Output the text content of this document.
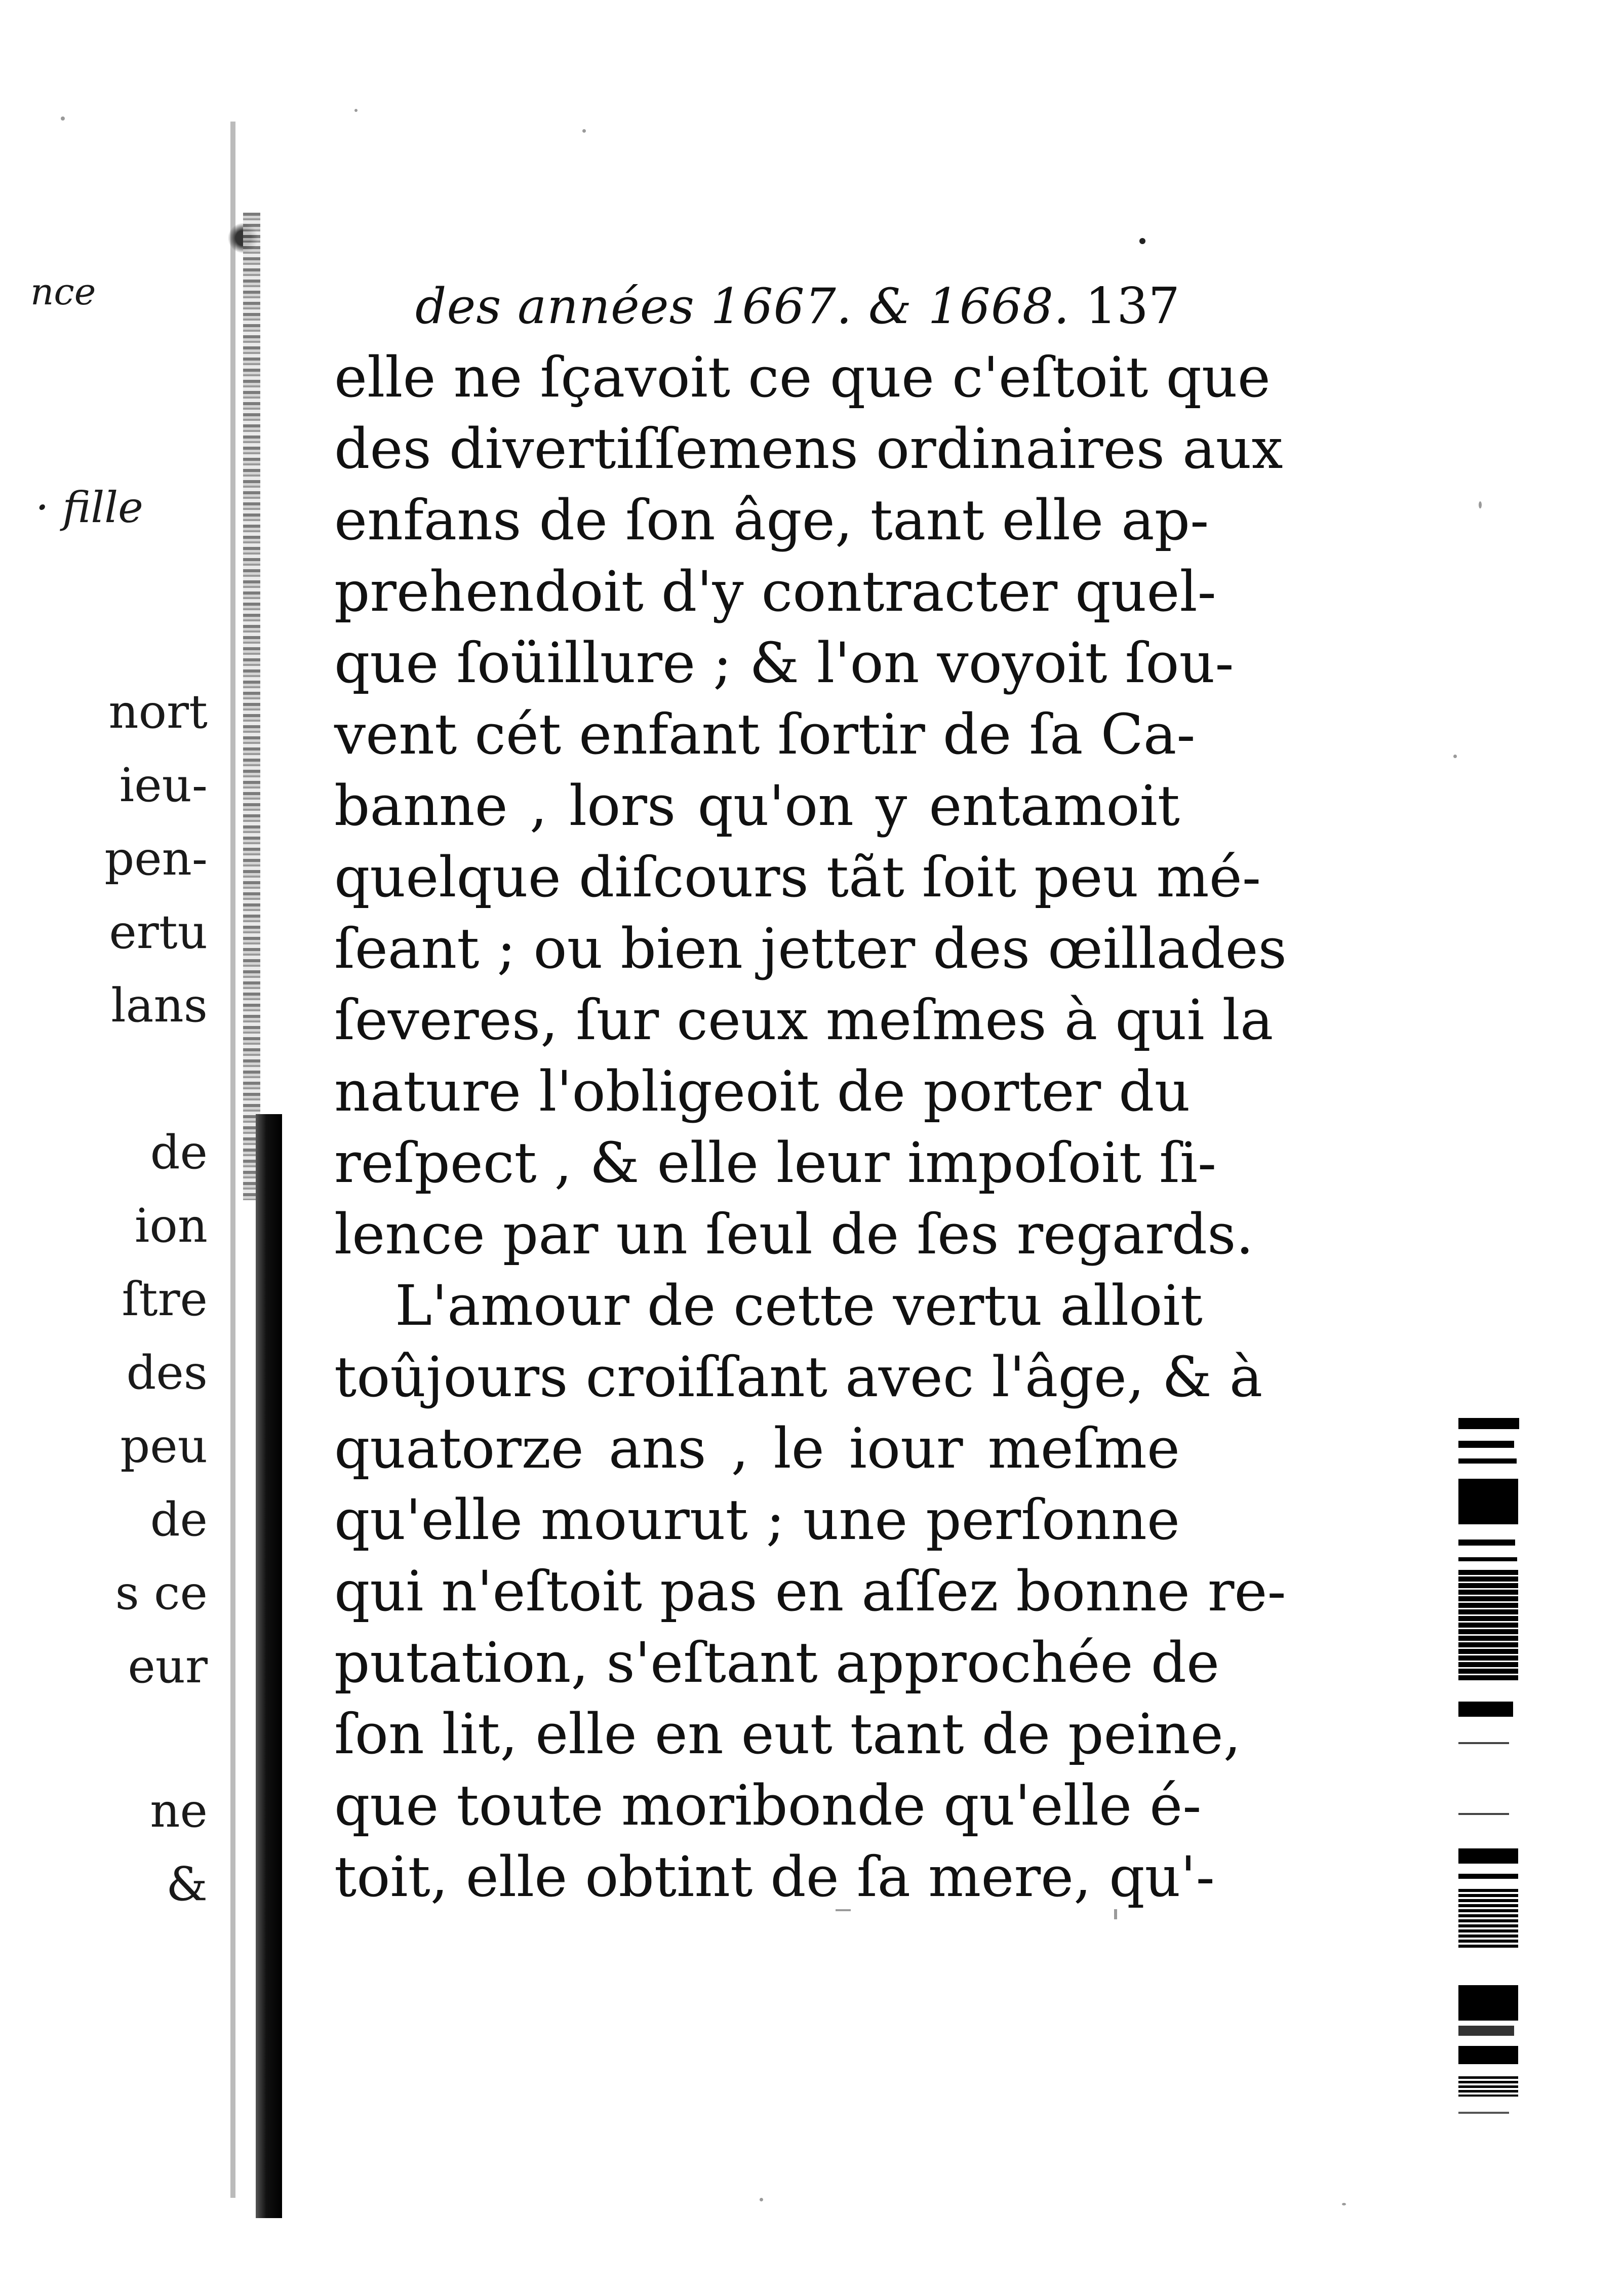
nce
· fille
nort
ieu-
pen-
ertu
lans
de
ion
ſtre
des
peu
de
s ce
eur
ne
&
des années 1667. & 1668. 137
elle ne ſçavoit ce que c'eſtoit que
des divertiſſemens ordinaires aux
enfans de ſon âge, tant elle ap-
prehendoit d'y contracter quel-
que ſoüillure ; & l'on voyoit ſou-
vent cét enfant ſortir de ſa Ca-
banne , lors qu'on y entamoit
quelque diſcours tãt ſoit peu mé-
ſeant ; ou bien jetter des œillades
ſeveres, ſur ceux meſmes à qui la
nature l'obligeoit de porter du
reſpect , & elle leur impoſoit ſi-
lence par un ſeul de ſes regards.
L'amour de cette vertu alloit
toûjours croiſſant avec l'âge, & à
quatorze ans , le iour meſme
qu'elle mourut ; une perſonne
qui n'eſtoit pas en aſſez bonne re-
putation, s'eſtant approchée de
ſon lit, elle en eut tant de peine,
que toute moribonde qu'elle é-
toit, elle obtint de ſa mere, qu'-
